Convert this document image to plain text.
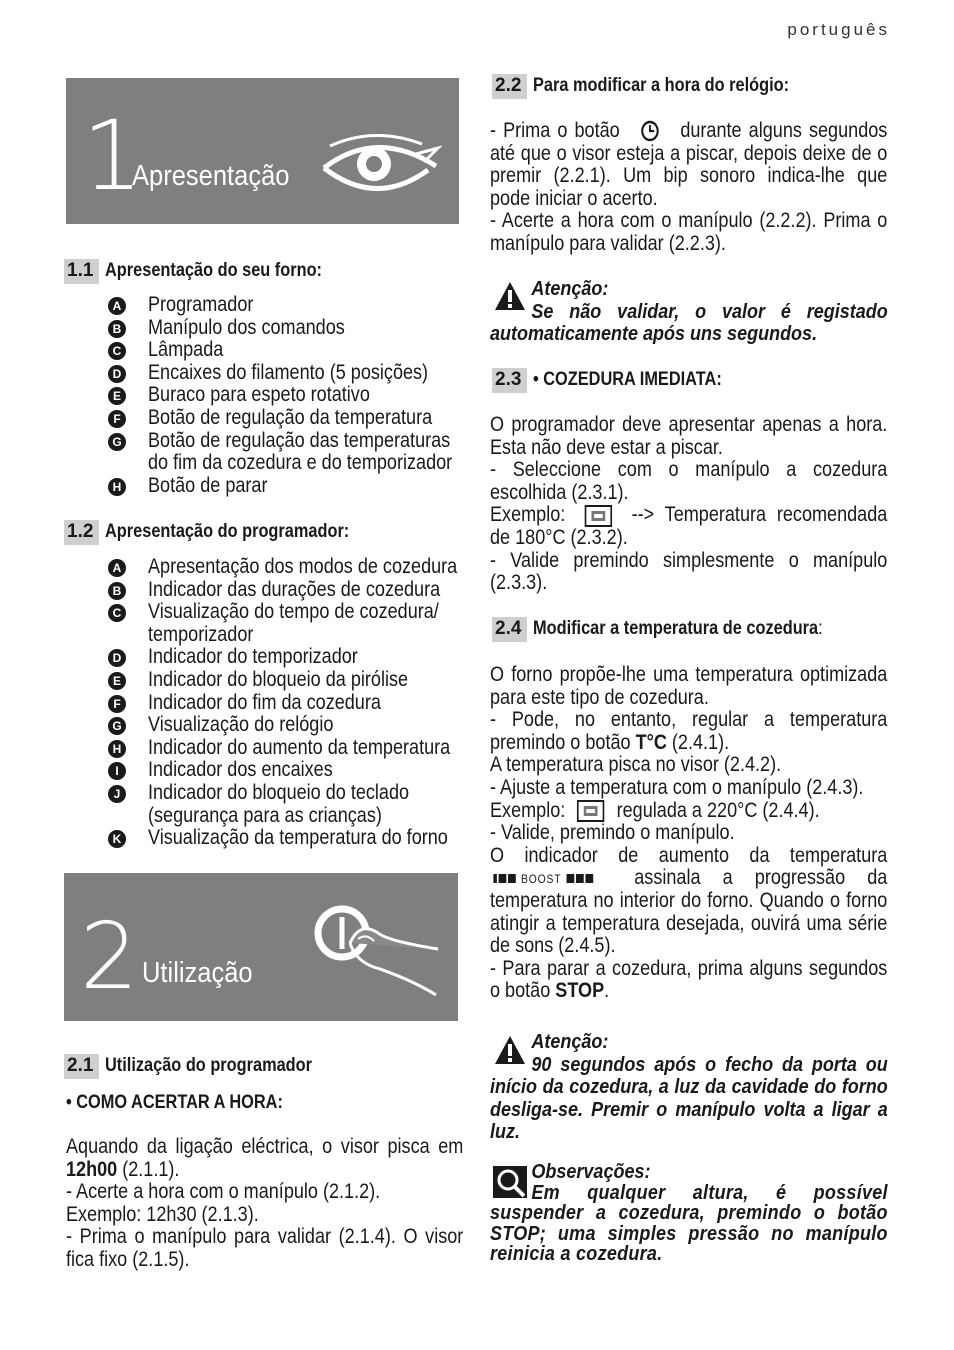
português
1
Apresentação
1.1 Apresentação do seu forno:
A Programador
B Manípulo dos comandos
C Lâmpada
D Encaixes do filamento (5 posições)
E Buraco para espeto rotativo
F Botão de regulação da temperatura
G Botão de regulação das temperaturas do fim da cozedura e do temporizador
H Botão de parar
1.2 Apresentação do programador:
A Apresentação dos modos de cozedura
B Indicador das durações de cozedura
C Visualização do tempo de cozedura/ temporizador
D Indicador do temporizador
E Indicador do bloqueio da pirólise
F Indicador do fim da cozedura
G Visualização do relógio
H Indicador do aumento da temperatura
I	Indicador dos encaixes
J Indicador do bloqueio do teclado (segurança para as crianças)
K Visualização da temperatura do forno
2 Utilização
2.1 Utilização do programador
• COMO ACERTAR A HORA:

Aquando da ligação eléctrica, o visor pisca em 12h00 (2.1.1).

- Acerte a hora com o manípulo (2.1.2).

Exemplo: 12h30 (2.1.3).

- Prima o manípulo para validar (2.1.4). O visor fica fixo (2.1.5).

2.2 Para modificar a hora do relógio:

- Prima o botão	durante alguns segundos até que o visor esteja a piscar, depois deixe de o premir (2.2.1). Um bip sonoro indica-lhe que pode iniciar o acerto.

- Acerte a hora com o manípulo (2.2.2). Prima o manípulo para validar (2.2.3).

Atenção:
Se não validar, o valor é registado automaticamente após uns segundos.
2.3 • COZEDURA IMEDIATA:

O programador deve apresentar apenas a hora. Esta não deve estar a piscar.

- Seleccione com o manípulo a cozedura escolhida (2.3.1).

Exemplo:	--> Temperatura recomendada de 180°C (2.3.2).

- Valide premindo simplesmente o manípulo (2.3.3).

2.4 Modificar a temperatura de cozedura:

O forno propõe-lhe uma temperatura optimizada para este tipo de cozedura.

- Pode, no entanto, regular a temperatura premindo o botão T°C (2.4.1).

A temperatura pisca no visor (2.4.2).

- Ajuste a temperatura com o manípulo (2.4.3).

Exemplo: regulada a 220°C (2.4.4).

- Valide, premindo o manípulo.

O indicador de aumento da temperatura
BOOST	assinala a progressão da temperatura no interior do forno. Quando o forno atingir a temperatura desejada, ouvirá uma série de sons (2.4.5).

- Para parar a cozedura, prima alguns segundos o botão STOP.

Atenção:
90 segundos após o fecho da porta ou início da cozedura, a luz da cavidade do forno desliga-se. Premir o manípulo volta a ligar a luz.
Observações:
Em qualquer altura, é possível suspender a cozedura, premindo o botão STOP; uma simples pressão no manípulo reinicia a cozedura.
